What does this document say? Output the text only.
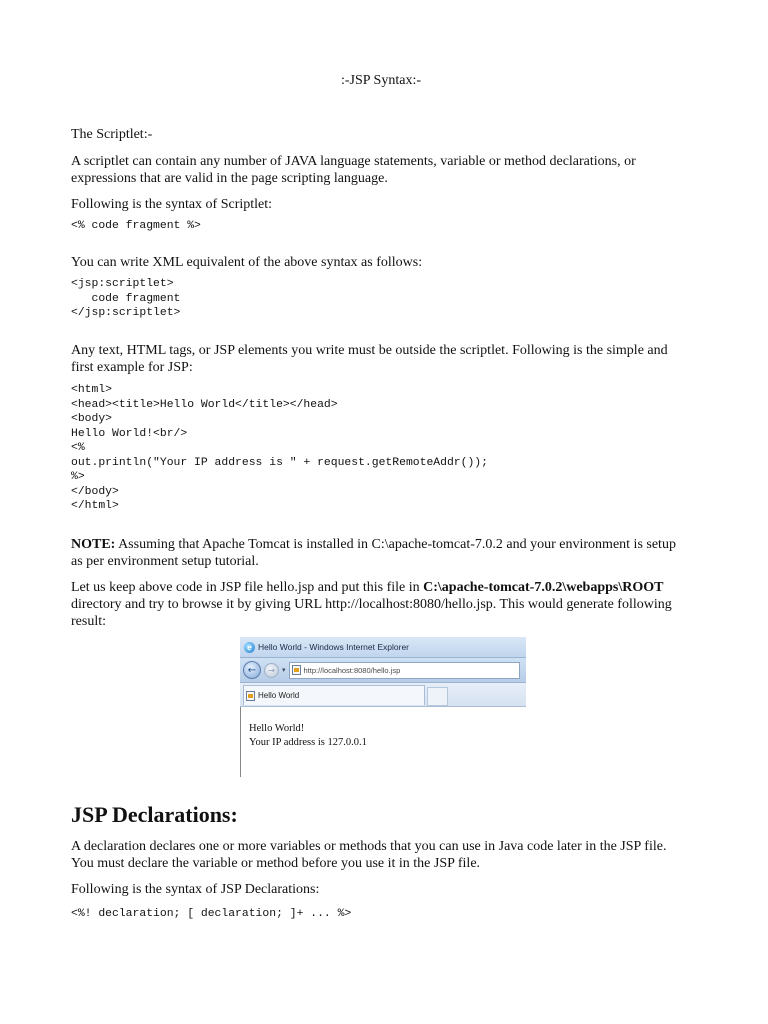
:-JSP Syntax:-

The Scriptlet:-

A scriptlet can contain any number of JAVA language statements, variable or method declarations, or expressions that are valid in the page scripting language.

Following is the syntax of Scriptlet:

<% code fragment %>

You can write XML equivalent of the above syntax as follows:

<jsp:scriptlet>
code fragment
</jsp:scriptlet>

Any text, HTML tags, or JSP elements you write must be outside the scriptlet. Following is the simple and first example for JSP:

<html>
<head><title>Hello World</title></head>
<body>
Hello World!<br/>
<%
out.println("Your IP address is " + request.getRemoteAddr());
%>
</body>
</html>

NOTE: Assuming that Apache Tomcat is installed in C:\apache-tomcat-7.0.2 and your environment is setup as per environment setup tutorial.

Let us keep above code in JSP file hello.jsp and put this file in C:\apache-tomcat-7.0.2\webapps\ROOT directory and try to browse it by giving URL http://localhost:8080/hello.jsp. This would generate following result:

e Hello World - Windows Internet Explorer
←	→	▾ http://localhost:8080/hello.jsp
Hello World
Hello World!
Your IP address is 127.0.0.1
JSP Declarations:

A declaration declares one or more variables or methods that you can use in Java code later in the JSP file. You must declare the variable or method before you use it in the JSP file.

Following is the syntax of JSP Declarations:

<%! declaration; [ declaration; ]+ ... %>
